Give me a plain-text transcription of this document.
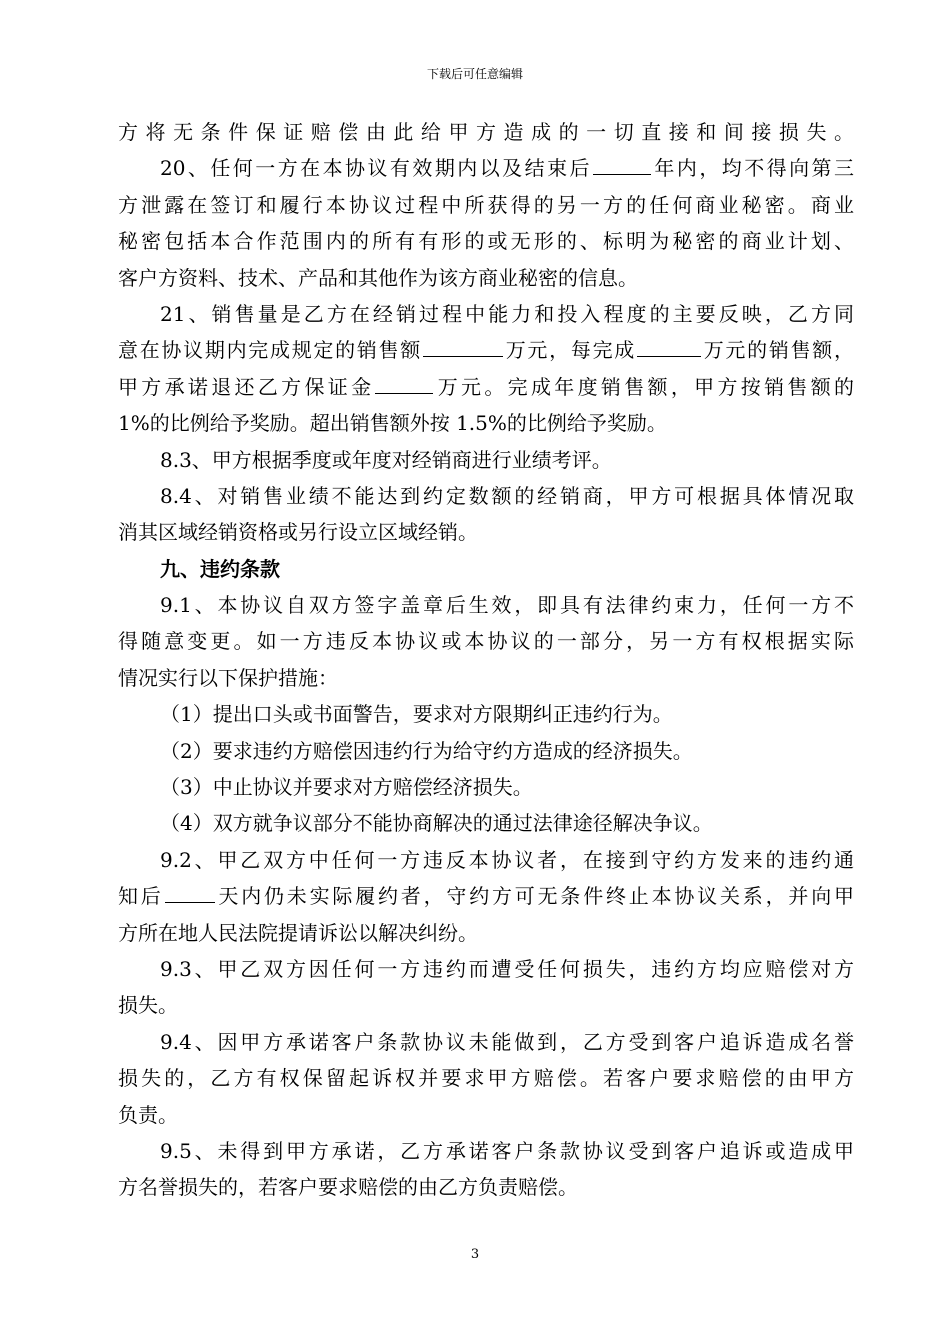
下载后可任意编辑
方将无条件保证赔偿由此给甲方造成的一切直接和间接损失。
20、任何一方在本协议有效期内以及结束后	年内，均不得向第三
方泄露在签订和履行本协议过程中所获得的另一方的任何商业秘密。商业
秘密包括本合作范围内的所有有形的或无形的、标明为秘密的商业计划、
客户方资料、技术、产品和其他作为该方商业秘密的信息。
21、销售量是乙方在经销过程中能力和投入程度的主要反映，乙方同
意在协议期内完成规定的销售额	万元，每完成	万元的销售额，
甲方承诺退还乙方保证金	万元。完成年度销售额，甲方按销售额的
1%的比例给予奖励。超出销售额外按 1.5%的比例给予奖励。
8.3、甲方根据季度或年度对经销商进行业绩考评。
8.4、对销售业绩不能达到约定数额的经销商，甲方可根据具体情况取
消其区域经销资格或另行设立区域经销。
九、违约条款
9.1、本协议自双方签字盖章后生效，即具有法律约束力，任何一方不
得随意变更。如一方违反本协议或本协议的一部分，另一方有权根据实际
情况实行以下保护措施：
（1）提出口头或书面警告，要求对方限期纠正违约行为。
（2）要求违约方赔偿因违约行为给守约方造成的经济损失。
（3）中止协议并要求对方赔偿经济损失。
（4）双方就争议部分不能协商解决的通过法律途径解决争议。
9.2、甲乙双方中任何一方违反本协议者，在接到守约方发来的违约通
知后	天内仍未实际履约者，守约方可无条件终止本协议关系，并向甲
方所在地人民法院提请诉讼以解决纠纷。
9.3、甲乙双方因任何一方违约而遭受任何损失，违约方均应赔偿对方
损失。
9.4、因甲方承诺客户条款协议未能做到，乙方受到客户追诉造成名誉
损失的，乙方有权保留起诉权并要求甲方赔偿。若客户要求赔偿的由甲方
负责。
9.5、未得到甲方承诺，乙方承诺客户条款协议受到客户追诉或造成甲
方名誉损失的，若客户要求赔偿的由乙方负责赔偿。
3
